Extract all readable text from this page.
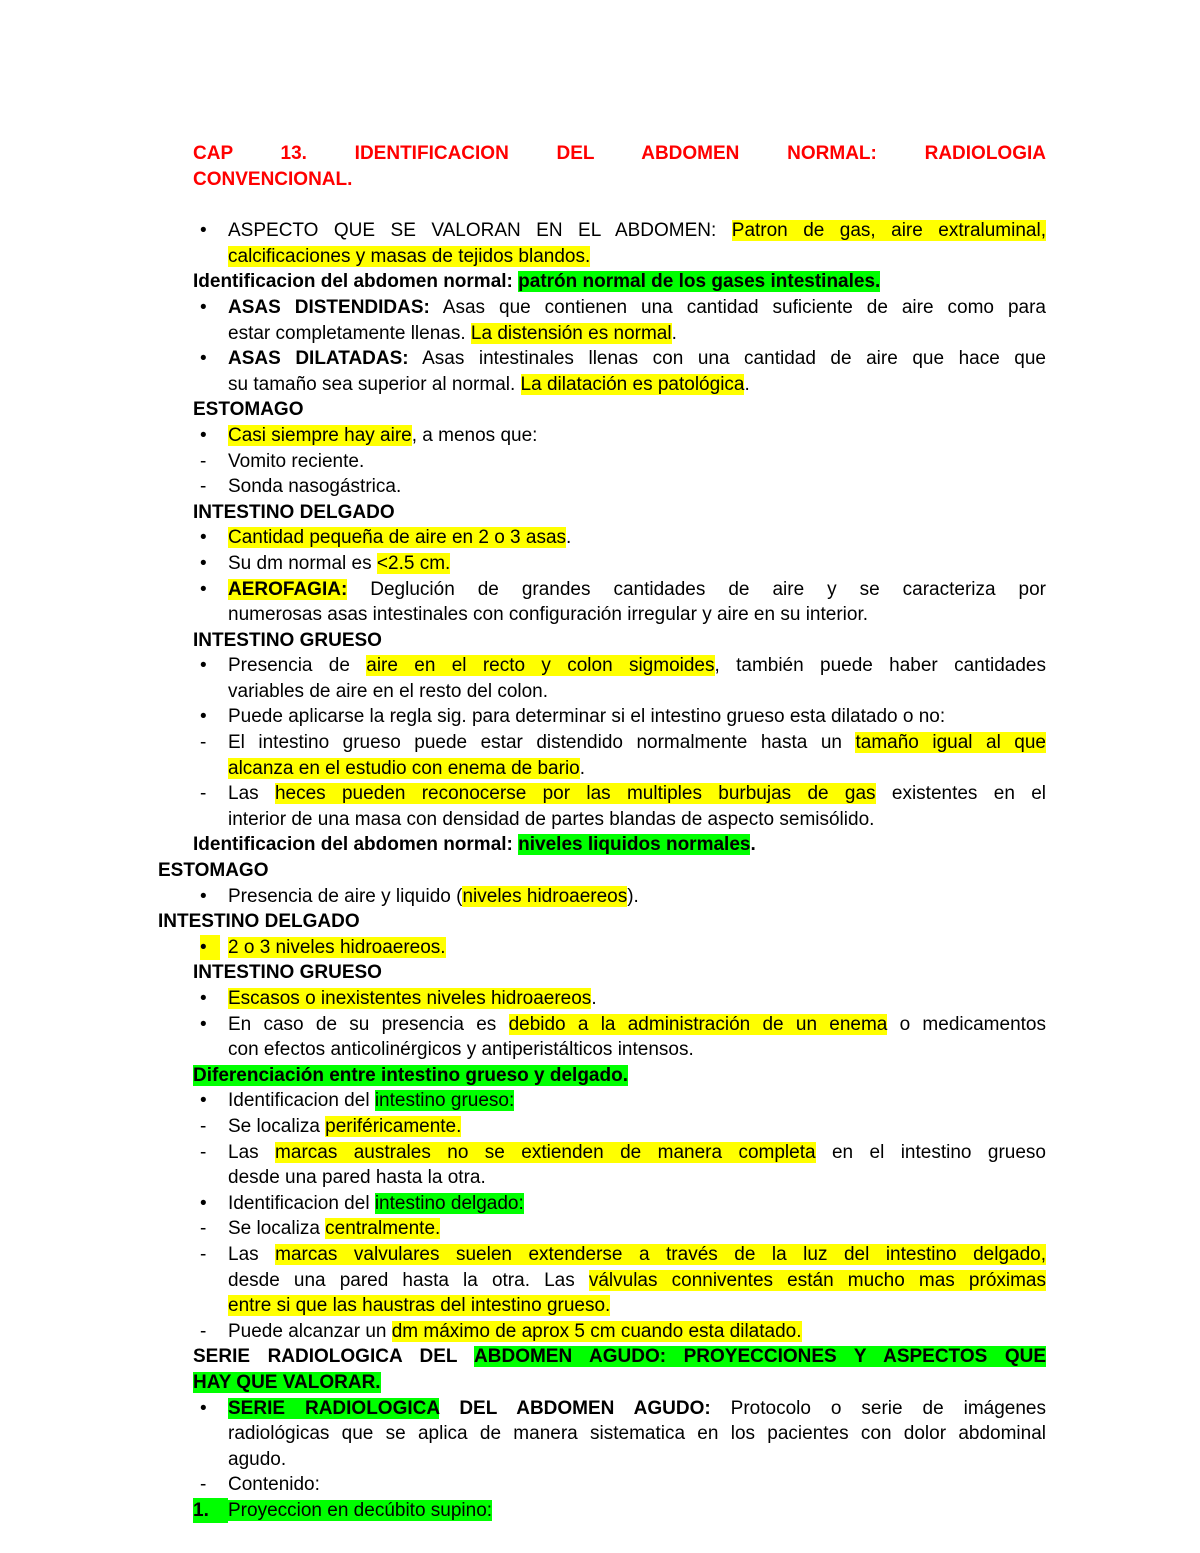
CAP 13. IDENTIFICACION DEL ABDOMEN NORMAL: RADIOLOGIA
CONVENCIONAL.
•	ASPECTO QUE SE VALORAN EN EL ABDOMEN: Patron de gas, aire extraluminal,
calcificaciones y masas de tejidos blandos.
Identificacion del abdomen normal: patrón normal de los gases intestinales.
•	ASAS DISTENDIDAS: Asas que contienen una cantidad suficiente de aire como para
estar completamente llenas. La distensión es normal.
•	ASAS DILATADAS: Asas intestinales llenas con una cantidad de aire que hace que
su tamaño sea superior al normal. La dilatación es patológica.
ESTOMAGO
•	Casi siempre hay aire, a menos que:
-	Vomito reciente.
-	Sonda nasogástrica.
INTESTINO DELGADO
•	Cantidad pequeña de aire en 2 o 3 asas.
•	Su dm normal es <2.5 cm.
•	AEROFAGIA: Deglución de grandes cantidades de aire y se caracteriza por
numerosas asas intestinales con configuración irregular y aire en su interior.
INTESTINO GRUESO
•	Presencia de aire en el recto y colon sigmoides, también puede haber cantidades
variables de aire en el resto del colon.
•	Puede aplicarse la regla sig. para determinar si el intestino grueso esta dilatado o no:
-	El intestino grueso puede estar distendido normalmente hasta un tamaño igual al que
alcanza en el estudio con enema de bario.
-	Las heces pueden reconocerse por las multiples burbujas de gas existentes en el
interior de una masa con densidad de partes blandas de aspecto semisólido.
Identificacion del abdomen normal: niveles liquidos normales.
ESTOMAGO
•	Presencia de aire y liquido (niveles hidroaereos).
INTESTINO DELGADO
•	2 o 3 niveles hidroaereos.
INTESTINO GRUESO
•	Escasos o inexistentes niveles hidroaereos.
•	En caso de su presencia es debido a la administración de un enema o medicamentos
con efectos anticolinérgicos y antiperistálticos intensos.
Diferenciación entre intestino grueso y delgado.
•	Identificacion del intestino grueso:
-	Se localiza periféricamente.
-	Las marcas australes no se extienden de manera completa en el intestino grueso
desde una pared hasta la otra.
•	Identificacion del intestino delgado:
-	Se localiza centralmente.
-	Las marcas valvulares suelen extenderse a través de la luz del intestino delgado,
desde una pared hasta la otra. Las válvulas conniventes están mucho mas próximas
entre si que las haustras del intestino grueso.
-	Puede alcanzar un dm máximo de aprox 5 cm cuando esta dilatado.
SERIE RADIOLOGICA DEL ABDOMEN AGUDO: PROYECCIONES Y ASPECTOS QUE
HAY QUE VALORAR.
•	SERIE RADIOLOGICA DEL ABDOMEN AGUDO: Protocolo o serie de imágenes
radiológicas que se aplica de manera sistematica en los pacientes con dolor abdominal
agudo.
-	Contenido:
1.	Proyeccion en decúbito supino:
